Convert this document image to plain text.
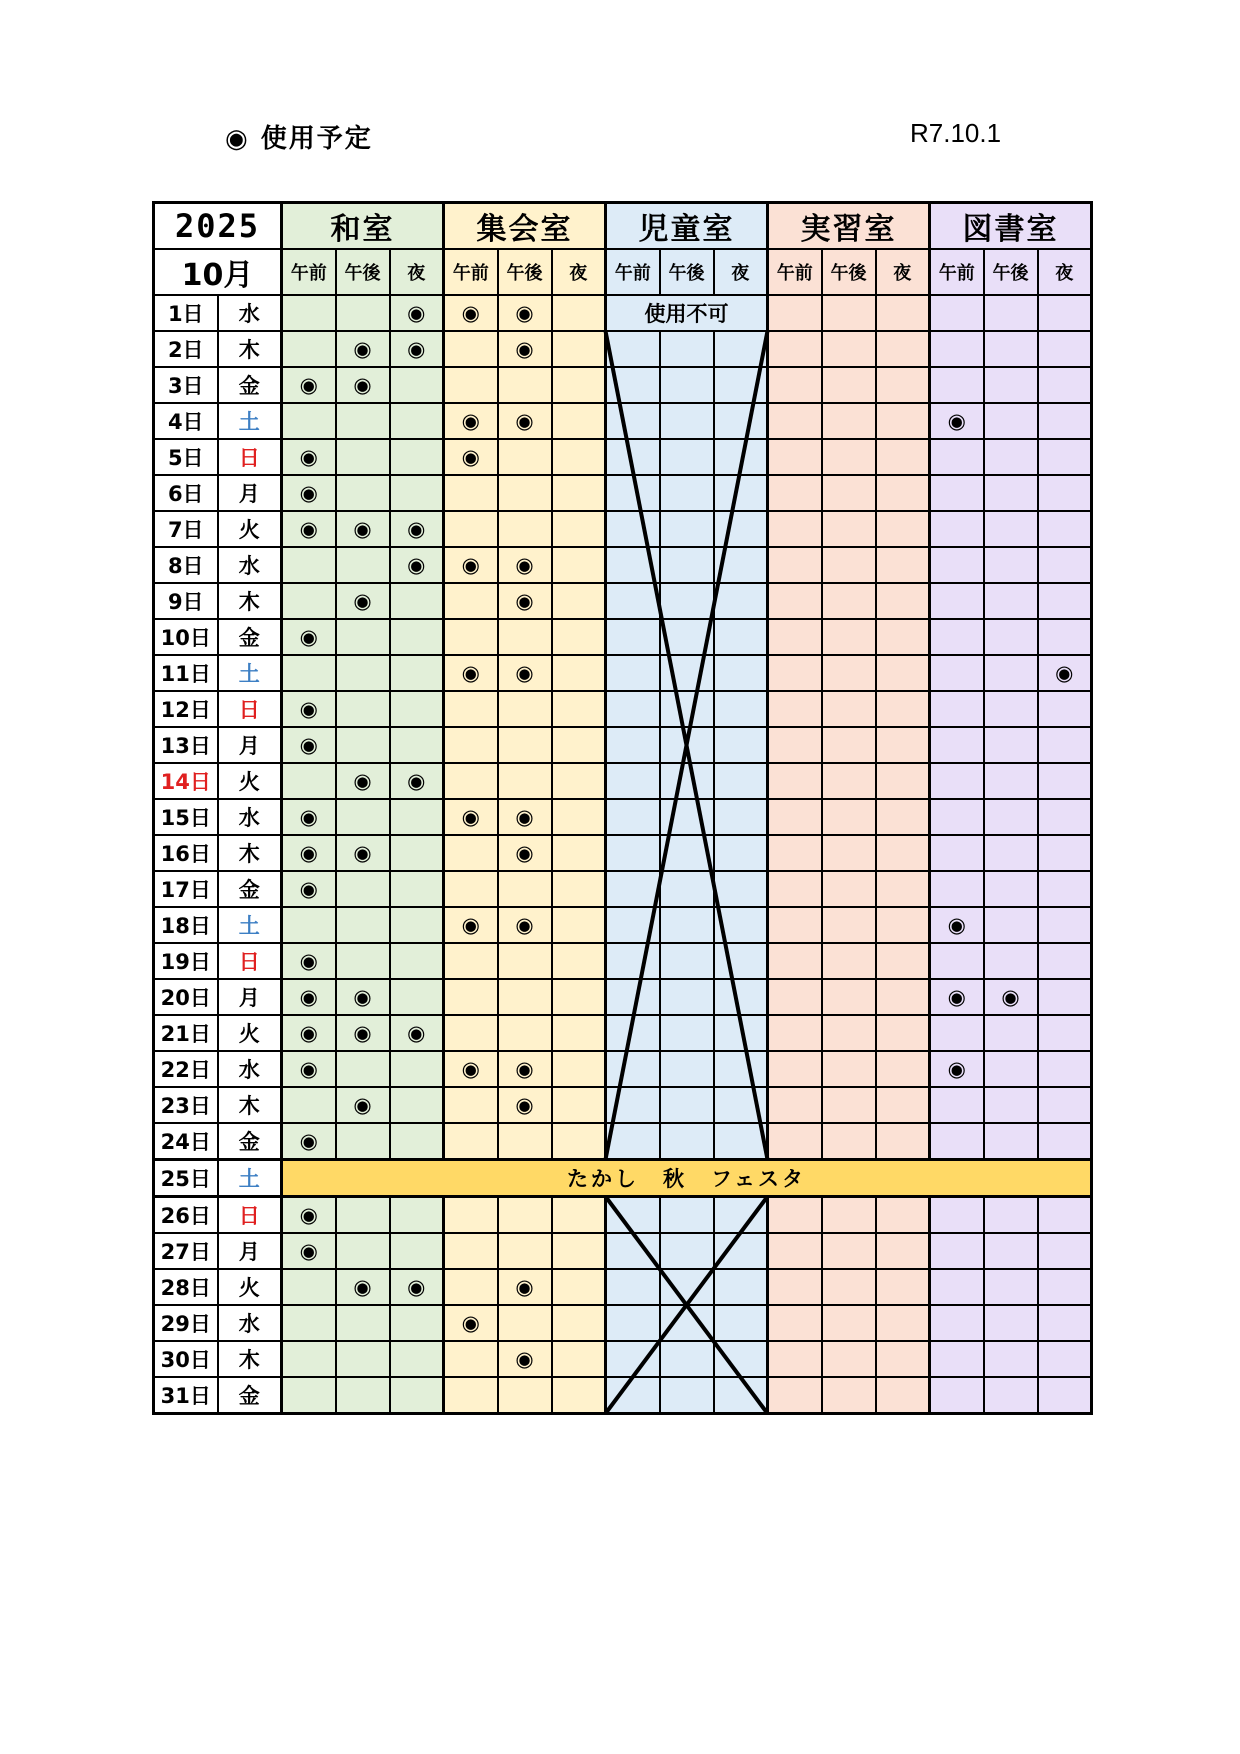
◉ 使用予定	R7.10.1
2025		和室			集会室			児童室			実習室			図書室		
10月		午前	午後	夜	午前	午後	夜	午前	午後	夜	午前	午後	夜	午前	午後	夜
1日	水			◉	◉	◉		使用不可								
2日	木		◉	◉		◉										
3日	金	◉	◉													
4日	土				◉	◉								◉		
5日	日	◉			◉											
6日	月	◉														
7日	火	◉	◉	◉												
8日	水			◉	◉	◉										
9日	木		◉			◉										
10日	金	◉														
11日	土				◉	◉										◉
12日	日	◉														
13日	月	◉														
14日	火		◉	◉												
15日	水	◉			◉	◉										
16日	木	◉	◉			◉										
17日	金	◉														
18日	土				◉	◉								◉		
19日	日	◉														
20日	月	◉	◉											◉	◉	
21日	火	◉	◉	◉												
22日	水	◉			◉	◉								◉		
23日	木		◉			◉										
24日	金	◉														
25日	土	たかし　秋　フェスタ														
26日	日	◉														
27日	月	◉														
28日	火		◉	◉		◉										
29日	水				◉											
30日	木					◉										
31日	金															
